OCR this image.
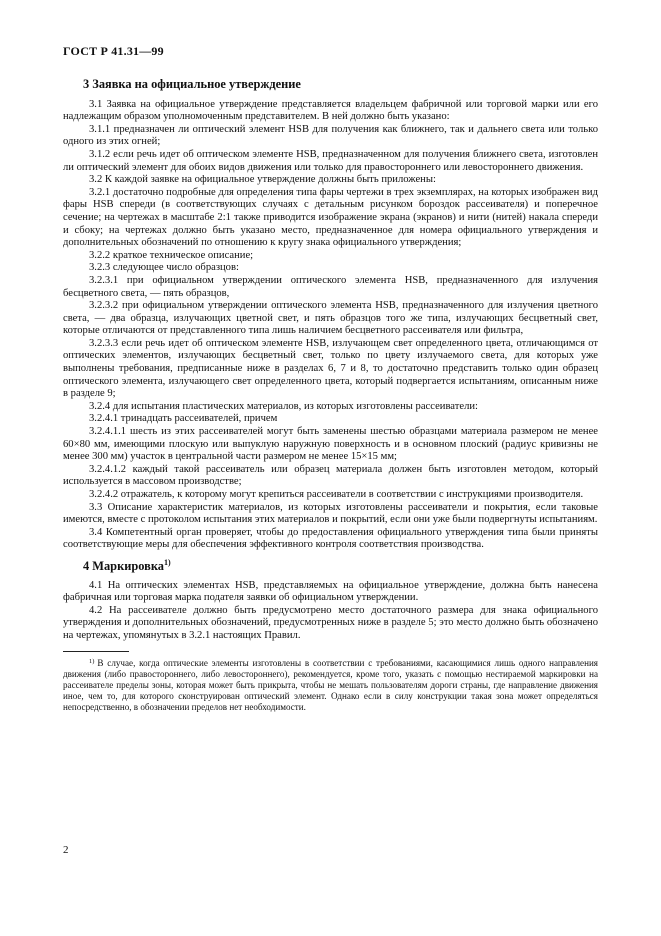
ГОСТ Р 41.31—99
3 Заявка на официальное утверждение

3.1 Заявка на официальное утверждение представляется владельцем фабричной или торговой марки или его надлежащим образом уполномоченным представителем. В ней должно быть указано:

3.1.1 предназначен ли оптический элемент HSB для получения как ближнего, так и дальнего света или только одного из этих огней;

3.1.2 если речь идет об оптическом элементе HSB, предназначенном для получения ближнего света, изготовлен ли оптический элемент для обоих видов движения или только для правостороннего или левостороннего движения.

3.2 К каждой заявке на официальное утверждение должны быть приложены:

3.2.1 достаточно подробные для определения типа фары чертежи в трех экземплярах, на которых изображен вид фары HSB спереди (в соответствующих случаях с детальным рисунком бороздок рассеивателя) и поперечное сечение; на чертежах в масштабе 2:1 также приводится изображение экрана (экранов) и нити (нитей) накала спереди и сбоку; на чертежах должно быть указано место, предназначенное для номера официального утверждения и дополнительных обозначений по отношению к кругу знака официального утверждения;

3.2.2 краткое техническое описание;

3.2.3 следующее число образцов:

3.2.3.1 при официальном утверждении оптического элемента HSB, предназначенного для излучения бесцветного света, — пять образцов,

3.2.3.2 при официальном утверждении оптического элемента HSB, предназначенного для излучения цветного света, — два образца, излучающих цветной свет, и пять образцов того же типа, излучающих бесцветный свет, которые отличаются от представленного типа лишь наличием бесцветного рассеивателя или фильтра,

3.2.3.3 если речь идет об оптическом элементе HSB, излучающем свет определенного цвета, отличающимся от оптических элементов, излучающих бесцветный свет, только по цвету излучаемого света, для которых уже выполнены требования, предписанные ниже в разделах 6, 7 и 8, то достаточно представить только один образец оптического элемента, излучающего свет определенного цвета, который подвергается испытаниям, описанным ниже в разделе 9;

3.2.4 для испытания пластических материалов, из которых изготовлены рассеиватели:

3.2.4.1 тринадцать рассеивателей, причем

3.2.4.1.1 шесть из этих рассеивателей могут быть заменены шестью образцами материала размером не менее 60×80 мм, имеющими плоскую или выпуклую наружную поверхность и в основном плоский (радиус кривизны не менее 300 мм) участок в центральной части размером не менее 15×15 мм;

3.2.4.1.2 каждый такой рассеиватель или образец материала должен быть изготовлен методом, который используется в массовом производстве;

3.2.4.2 отражатель, к которому могут крепиться рассеиватели в соответствии с инструкциями производителя.

3.3 Описание характеристик материалов, из которых изготовлены рассеиватели и покрытия, если таковые имеются, вместе с протоколом испытания этих материалов и покрытий, если они уже были подвергнуты испытаниям.

3.4 Компетентный орган проверяет, чтобы до предоставления официального утверждения типа были приняты соответствующие меры для обеспечения эффективного контроля соответствия производства.

4 Маркировка$^{1)}$

4.1 На оптических элементах HSB, представляемых на официальное утверждение, должна быть нанесена фабричная или торговая марка подателя заявки об официальном утверждении.

4.2 На рассеивателе должно быть предусмотрено место достаточного размера для знака официального утверждения и дополнительных обозначений, предусмотренных ниже в разделе 5; это место должно быть обозначено на чертежах, упомянутых в 3.2.1 настоящих Правил.

$^{1)}$ В случае, когда оптические элементы изготовлены в соответствии с требованиями, касающимися лишь одного направления движения (либо правостороннего, либо левостороннего), рекомендуется, кроме того, указать с помощью нестираемой маркировки на рассеивателе пределы зоны, которая может быть прикрыта, чтобы не мешать пользователям дороги страны, где направление движения иное, чем то, для которого сконструирован оптический элемент. Однако если в силу конструкции такая зона может определяться непосредственно, в обозначении пределов нет необходимости.

2
